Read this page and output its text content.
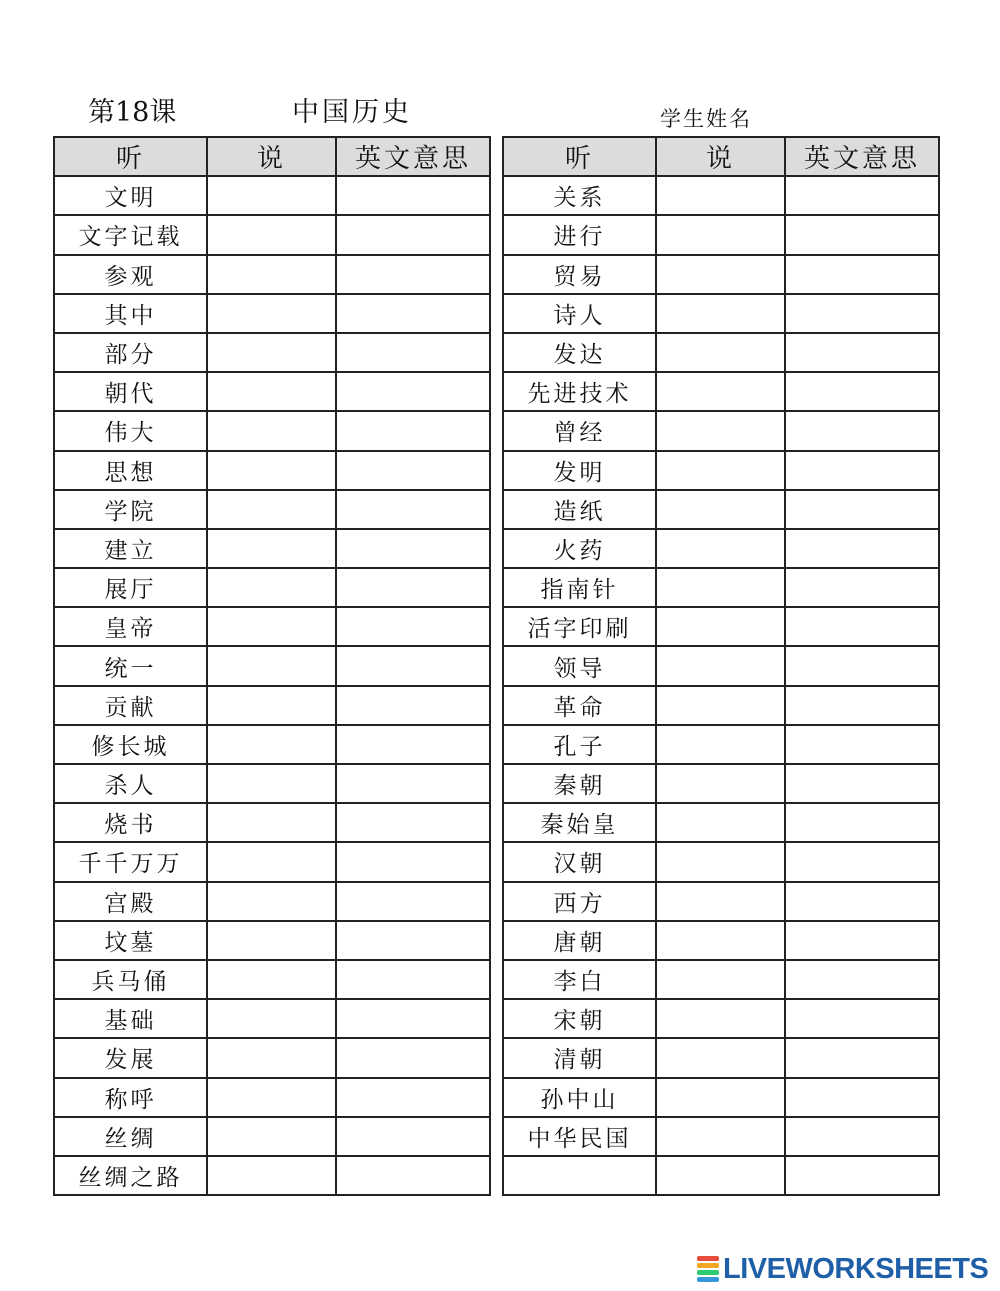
第18课	中国历史	学生姓名
听	说	英文意思
文明		
文字记载		
参观		
其中		
部分		
朝代		
伟大		
思想		
学院		
建立		
展厅		
皇帝		
统一		
贡献		
修长城		
杀人		
烧书		
千千万万		
宫殿		
坟墓		
兵马俑		
基础		
发展		
称呼		
丝绸		
丝绸之路		
听	说	英文意思
关系		
进行		
贸易		
诗人		
发达		
先进技术		
曾经		
发明		
造纸		
火药		
指南针		
活字印刷		
领导		
革命		
孔子		
秦朝		
秦始皇		
汉朝		
西方		
唐朝		
李白		
宋朝		
清朝		
孙中山		
中华民国		

LIVEWORKSHEETS
